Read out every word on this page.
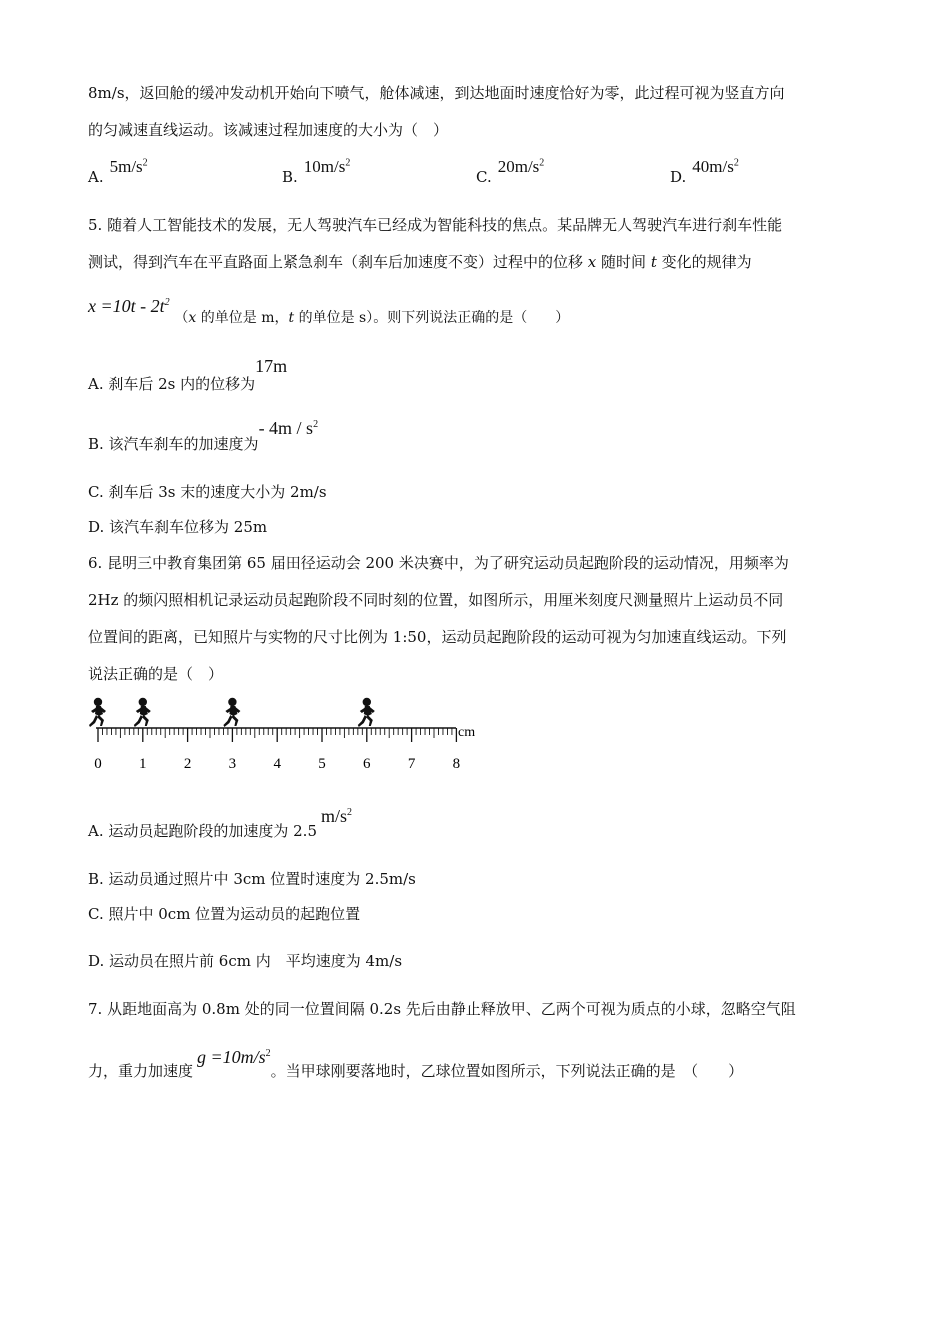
8m/s，返回舱的缓冲发动机开始向下喷气，舱体减速，到达地面时速度恰好为零，此过程可视为竖直方向
的匀减速直线运动。该减速过程加速度的大小为（　）
$A.5m/s^2$
$B.10m/s^2$
$C.20m/s^2$
$D.40m/s^2$
5. 随着人工智能技术的发展，无人驾驶汽车已经成为智能科技的焦点。某品牌无人驾驶汽车进行刹车性能
测试，得到汽车在平直路面上紧急刹车（刹车后加速度不变）过程中的位移 x 随时间 t 变化的规律为
$x =10t - 2t^2$ （x 的单位是 m，t 的单位是 s）。则下列说法正确的是（　　）
A. 刹车后 2s 内的位移为17m
B. 该汽车刹车的加速度为- $4m / s^2$
C. 刹车后 3s 末的速度大小为 2m/s
D. 该汽车刹车位移为 25m
6. 昆明三中教育集团第 65 届田径运动会 200 米决赛中，为了研究运动员起跑阶段的运动情况，用频率为
2Hz 的频闪照相机记录运动员起跑阶段不同时刻的位置，如图所示，用厘米刻度尺测量照片上运动员不同
位置间的距离，已知照片与实物的尺寸比例为 1:50，运动员起跑阶段的运动可视为匀加速直线运动。下列
说法正确的是（　）
cm
0 1 2 3 4 5 6 7 8
A. 运动员起跑阶段的加速度为 $2.5m/s^2$
B. 运动员通过照片中 3cm 位置时速度为 2.5m/s
C. 照片中 0cm 位置为运动员的起跑位置
D. 运动员在照片前 6cm 内　平均速度为 4m/s
7. 从距地面高为 0.8m 处的同一位置间隔 0.2s 先后由静止释放甲、乙两个可视为质点的小球，忽略空气阻
力，重力加速度$g =10m/s^2$。当甲球刚要落地时，乙球位置如图所示，下列说法正确的是　（　　）
